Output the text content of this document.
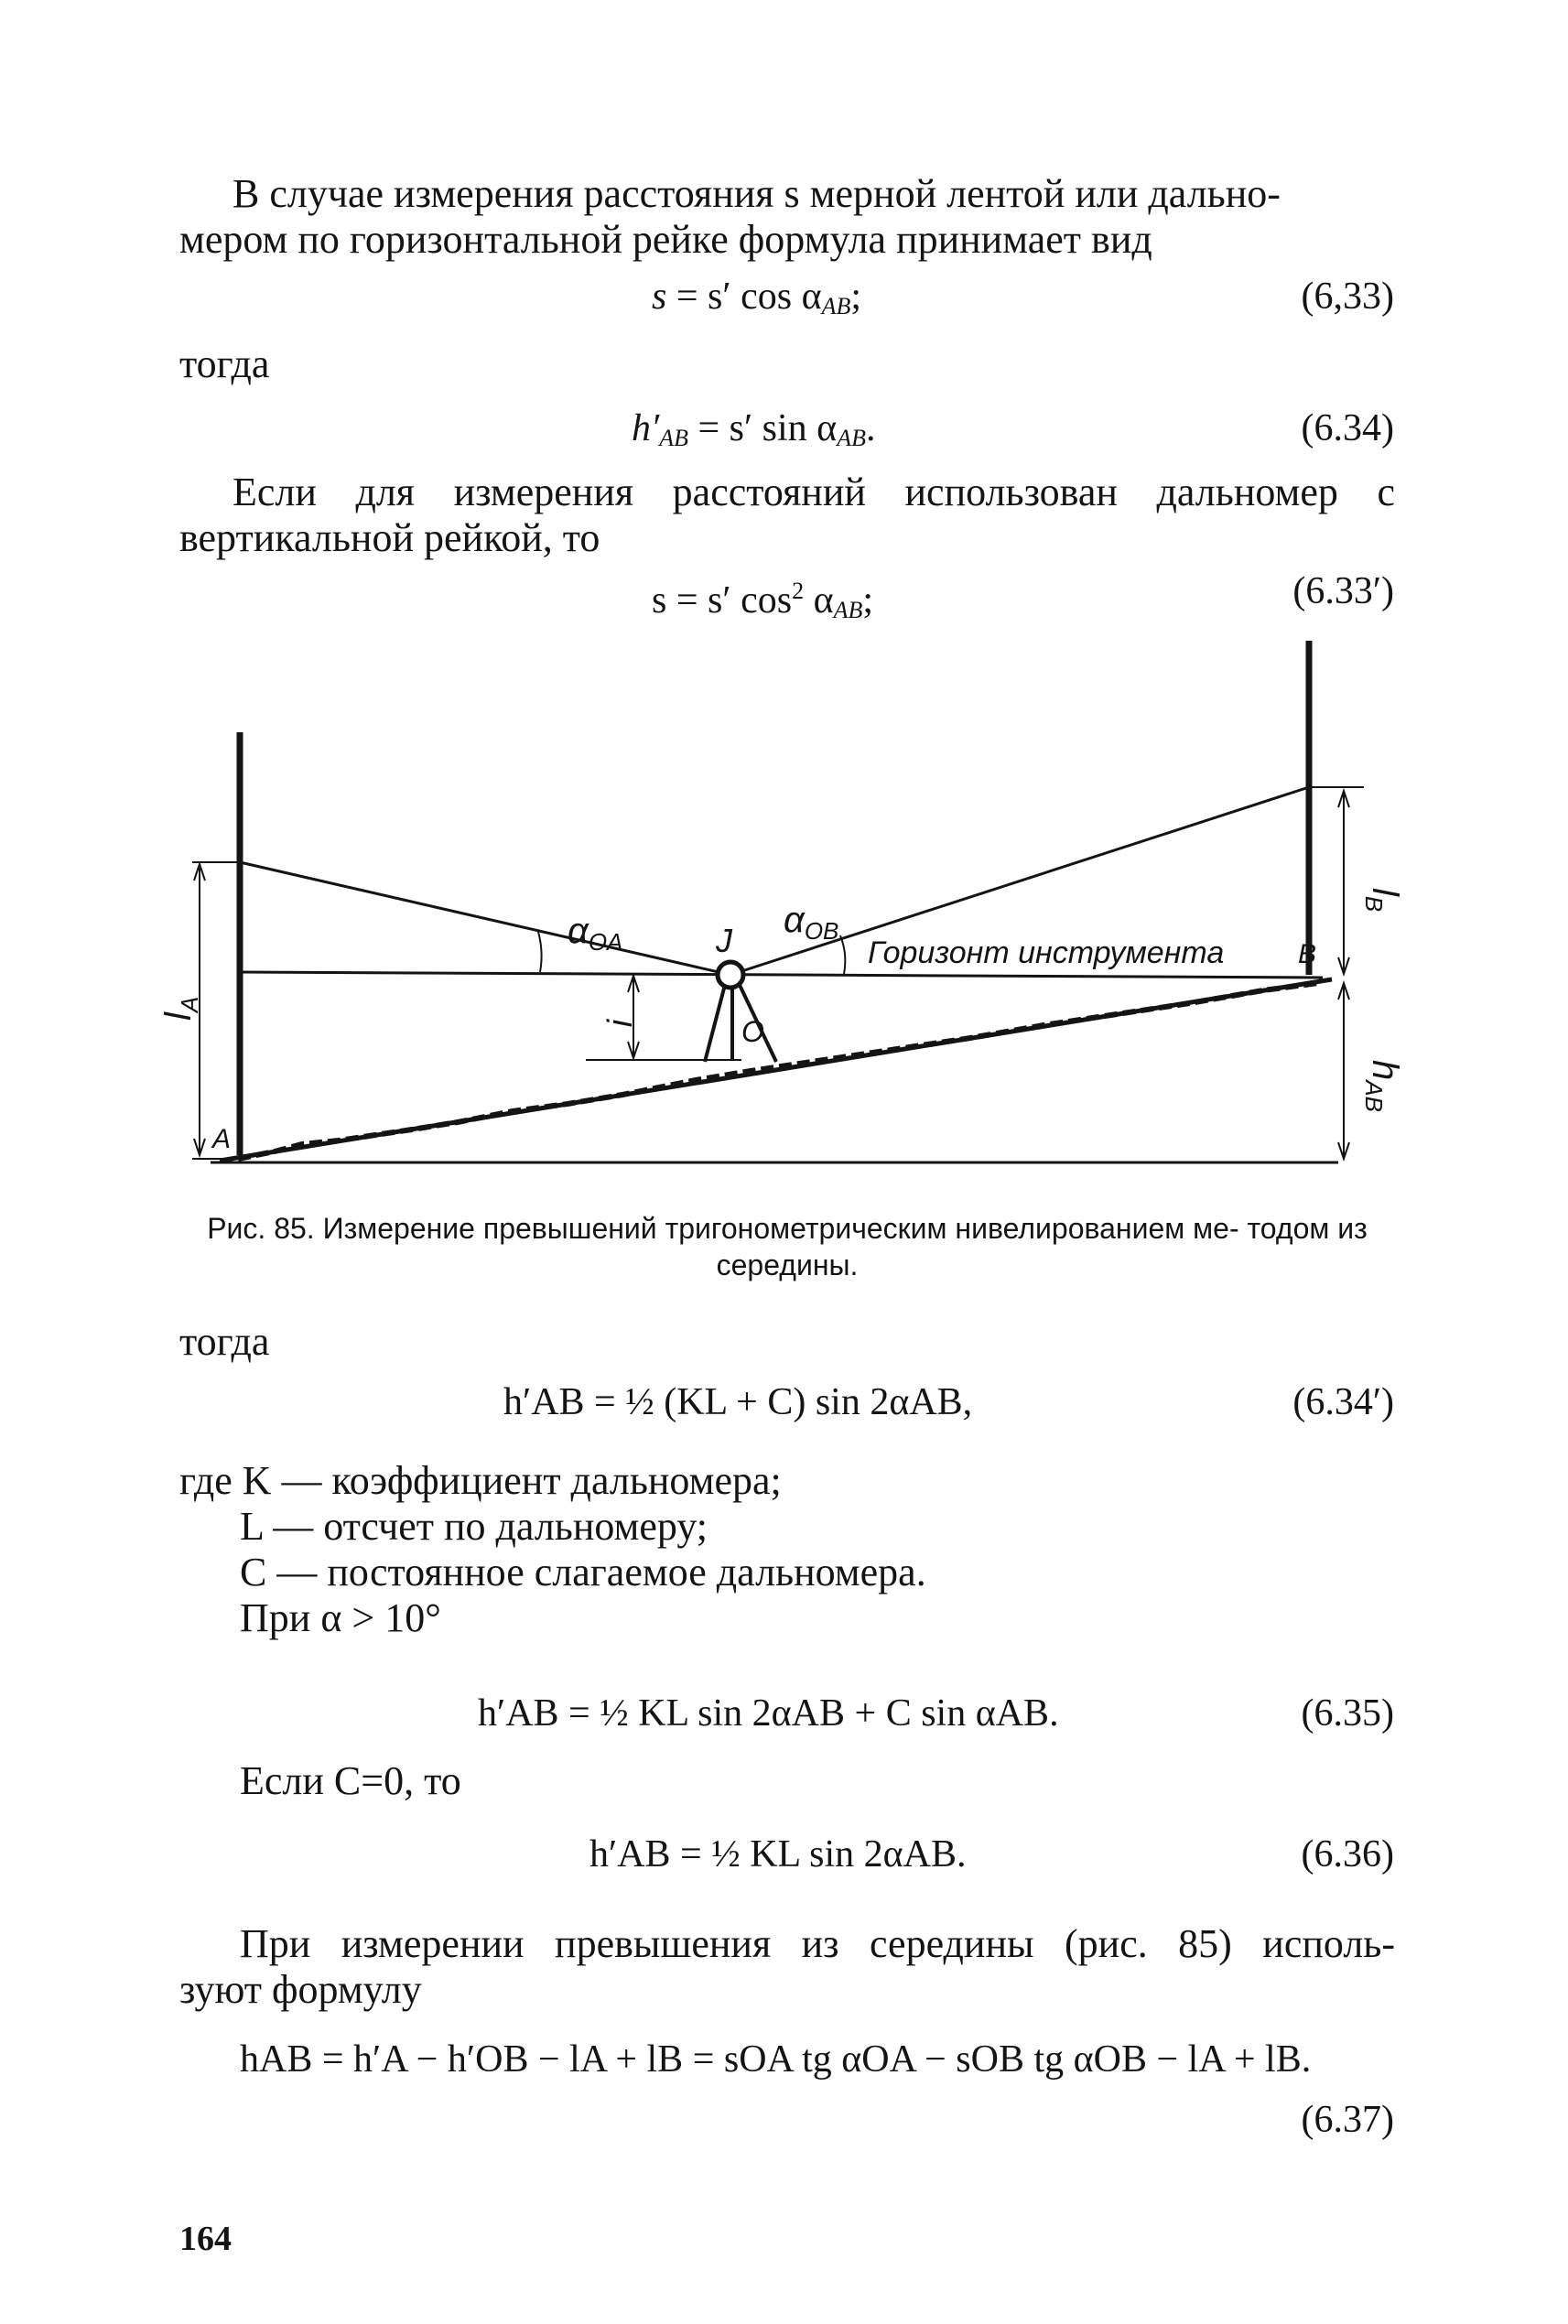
В случае измерения расстояния s мерной лентой или дально-
мером по горизонтальной рейке формула принимает вид
s = s′ $\cos \alpha_{AB}$;	(6,33)
тогда
$h'_{AB} = s'$ $\sin \alpha_{AB}$.	(6.34)
Если для измерения расстояний использован дальномер с
вертикальной рейкой, то
s = s′ $\cos^2 \alpha_{AB}$;	(6.33′)
$l_A$
A
$\alpha_{OA}$	J
$\alpha_{OB}$
Горизонт инструмента	B
$l_B$
i	O
$h_{AB}$
Рис. 85. Измерение превышений тригонометрическим нивелированием ме- тодом из середины.
тогда
h′AB = ½ (KL + C) sin 2αAB,	(6.34′)
где K — коэффициент дальномера;
L — отсчет по дальномеру;
C — постоянное слагаемое дальномера.
При α > 10°
h′AB = ½ KL sin 2αAB + C sin αAB.	(6.35)
Если C=0, то
h′AB = ½ KL sin 2αAB.	(6.36)
При измерении превышения из середины (рис. 85) исполь-
зуют формулу
hAB = h′A − h′OB − lA + lB = sOA tg αOA − sOB tg αOB − lA + lB.
(6.37)
164
